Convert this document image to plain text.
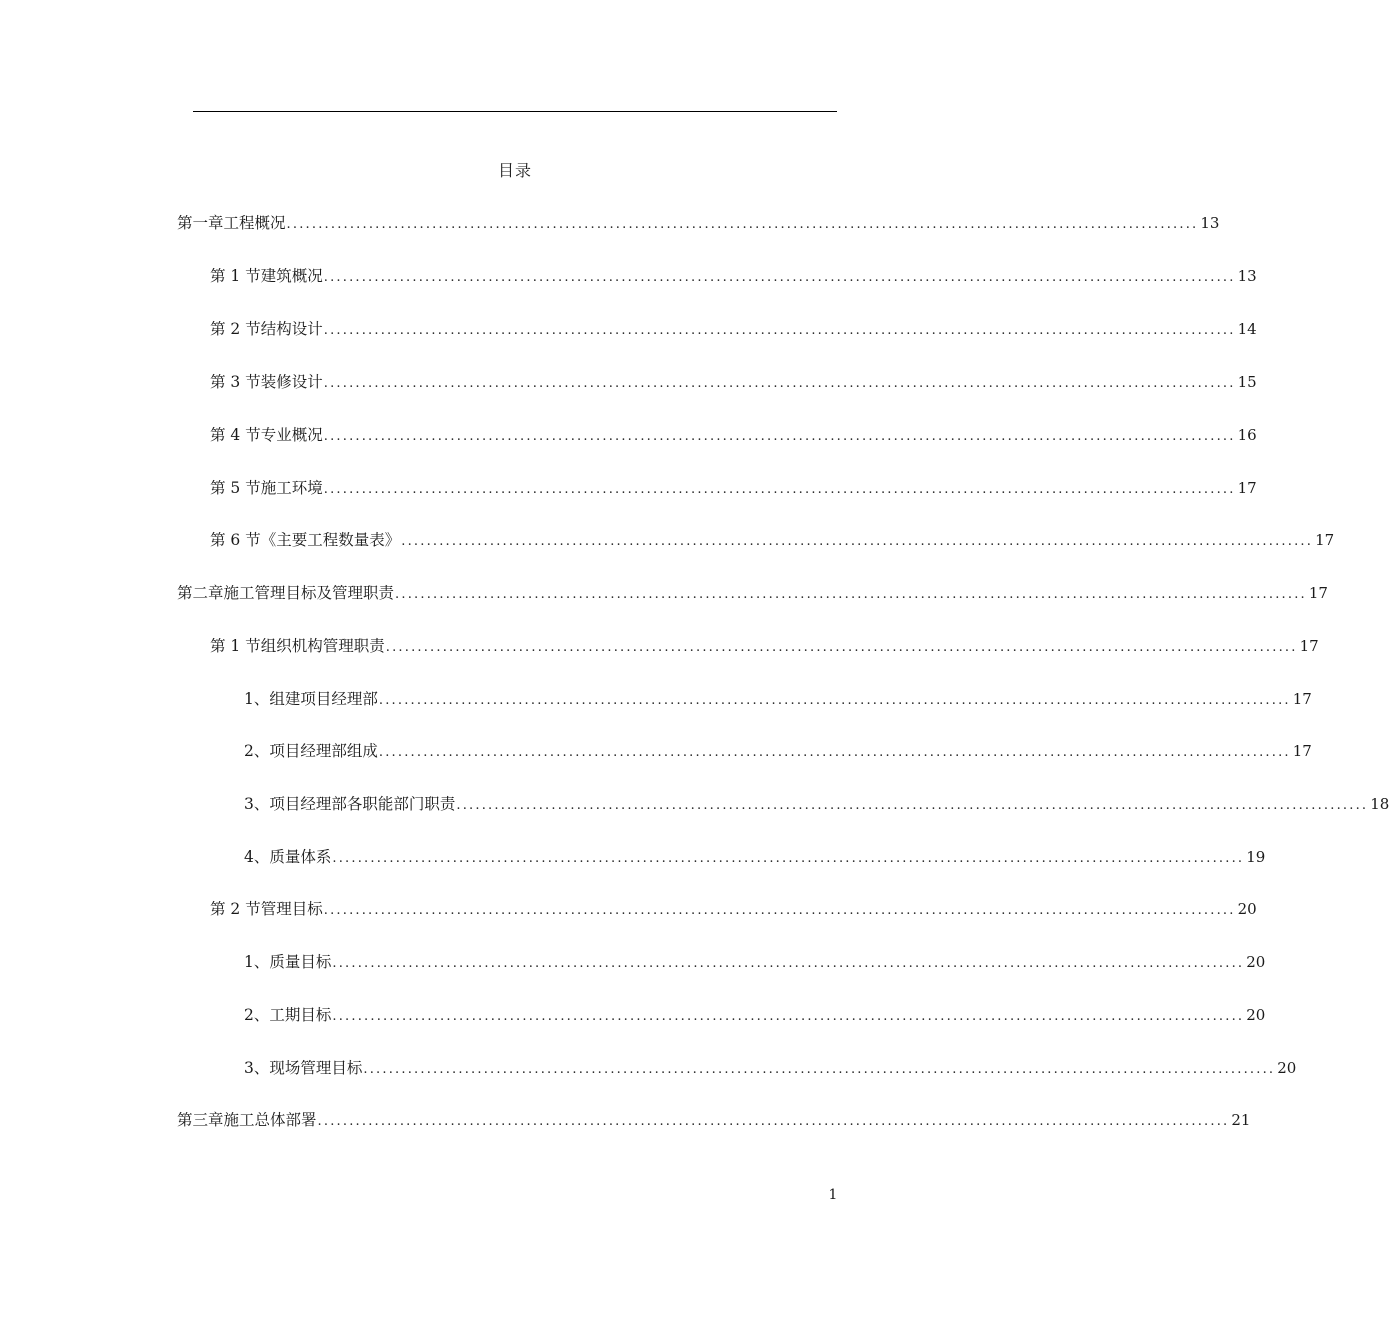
目录
第一章 工程概况 ................................................................................................................................................ 13
第 1 节 建筑概况 ................................................................................................................................................ 13
第 2 节 结构设计 ................................................................................................................................................ 14
第 3 节 装修设计 ................................................................................................................................................ 15
第 4 节 专业概况 ................................................................................................................................................ 16
第 5 节 施工环境 ................................................................................................................................................ 17
第 6 节 《主要工程数量表》 ................................................................................................................................................ 17
第二章 施工管理目标及管理职责 ................................................................................................................................................ 17
第 1 节 组织机构管理职责 ................................................................................................................................................ 17
1、 组建项目经理部 ................................................................................................................................................ 17
2、 项目经理部组成 ................................................................................................................................................ 17
3、 项目经理部各职能部门职责 ................................................................................................................................................ 18
4、 质量体系 ................................................................................................................................................ 19
第 2 节 管理目标 ................................................................................................................................................ 20
1、 质量目标 ................................................................................................................................................ 20
2、 工期目标 ................................................................................................................................................ 20
3、 现场管理目标 ................................................................................................................................................ 20
第三章 施工总体部署 ................................................................................................................................................ 21
1
